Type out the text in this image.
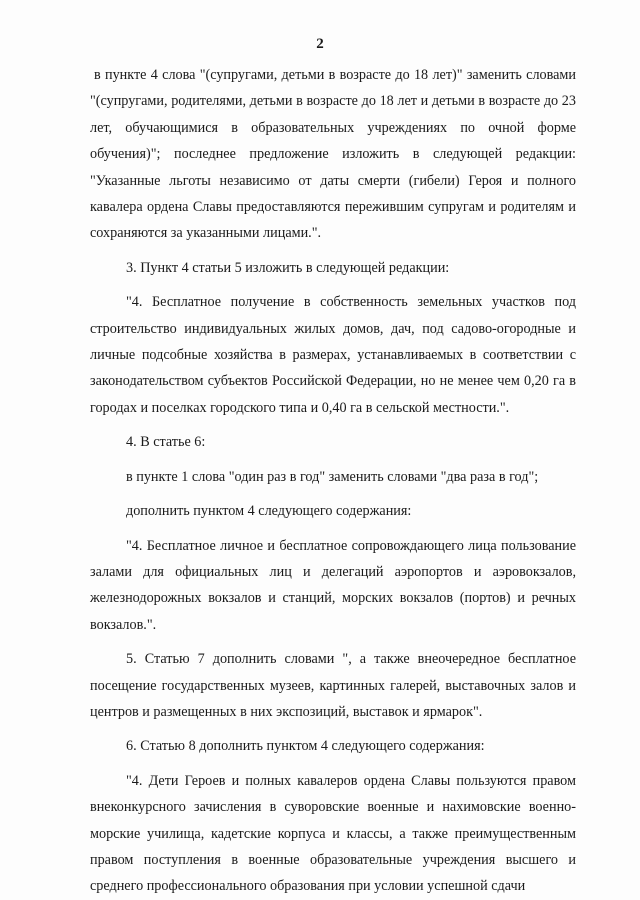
2

в пункте 4 слова "(супругами, детьми в возрасте до 18 лет)" заменить словами "(супругами, родителями, детьми в возрасте до 18 лет и детьми в возрасте до 23 лет, обучающимися в образовательных учреждениях по очной форме обучения)"; последнее предложение изложить в следующей редакции: "Указанные льготы независимо от даты смерти (гибели) Героя и полного кавалера ордена Славы предоставляются пережившим супругам и родителям и сохраняются за указанными лицами.".

3. Пункт 4 статьи 5 изложить в следующей редакции:

"4. Бесплатное получение в собственность земельных участков под строительство индивидуальных жилых домов, дач, под садово-огородные и личные подсобные хозяйства в размерах, устанавливаемых в соответствии с законодательством субъектов Российской Федерации, но не менее чем 0,20 га в городах и поселках городского типа и 0,40 га в сельской местности.".

4. В статье 6:

в пункте 1 слова "один раз в год" заменить словами "два раза в год";

дополнить пунктом 4 следующего содержания:

"4. Бесплатное личное и бесплатное сопровождающего лица пользование залами для официальных лиц и делегаций аэропортов и аэровокзалов, железнодорожных вокзалов и станций, морских вокзалов (портов) и речных вокзалов.".

5. Статью 7 дополнить словами ", а также внеочередное бесплатное посещение государственных музеев, картинных галерей, выставочных залов и центров и размещенных в них экспозиций, выставок и ярмарок".

6. Статью 8 дополнить пунктом 4 следующего содержания:

"4. Дети Героев и полных кавалеров ордена Славы пользуются правом внеконкурсного зачисления в суворовские военные и нахимовские военно-морские училища, кадетские корпуса и классы, а также преимущественным правом поступления в военные образовательные учреждения высшего и среднего профессионального образования при условии успешной сдачи
